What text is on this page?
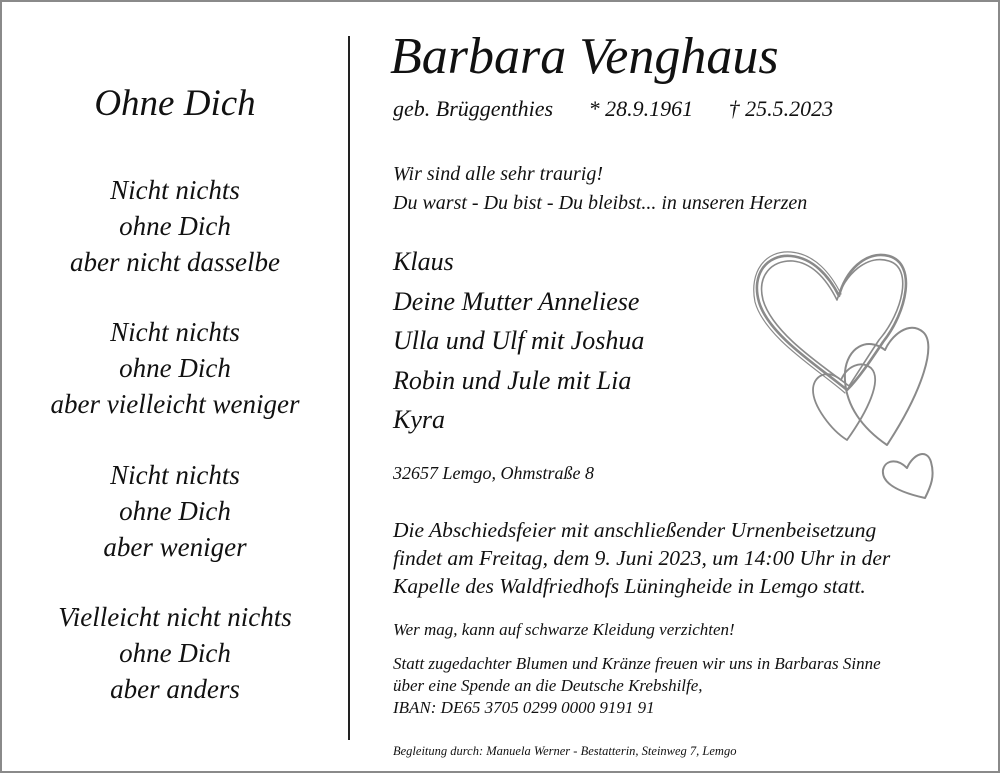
Ohne Dich
Nicht nichts
ohne Dich
aber nicht dasselbe
Nicht nichts
ohne Dich
aber vielleicht weniger
Nicht nichts
ohne Dich
aber weniger
Vielleicht nicht nichts
ohne Dich
aber anders
Barbara Venghaus
geb. Brüggenthies * 28.9.1961 † 25.5.2023
Wir sind alle sehr traurig!
Du warst - Du bist - Du bleibst... in unseren Herzen
Klaus
Deine Mutter Anneliese
Ulla und Ulf mit Joshua
Robin und Jule mit Lia
Kyra
32657 Lemgo, Ohmstraße 8
Die Abschiedsfeier mit anschließender Urnenbeisetzung
findet am Freitag, dem 9. Juni 2023, um 14:00 Uhr in der
Kapelle des Waldfriedhofs Lüningheide in Lemgo statt.
Wer mag, kann auf schwarze Kleidung verzichten!
Statt zugedachter Blumen und Kränze freuen wir uns in Barbaras Sinne
über eine Spende an die Deutsche Krebshilfe,
IBAN: DE65 3705 0299 0000 9191 91
Begleitung durch: Manuela Werner - Bestatterin, Steinweg 7, Lemgo
